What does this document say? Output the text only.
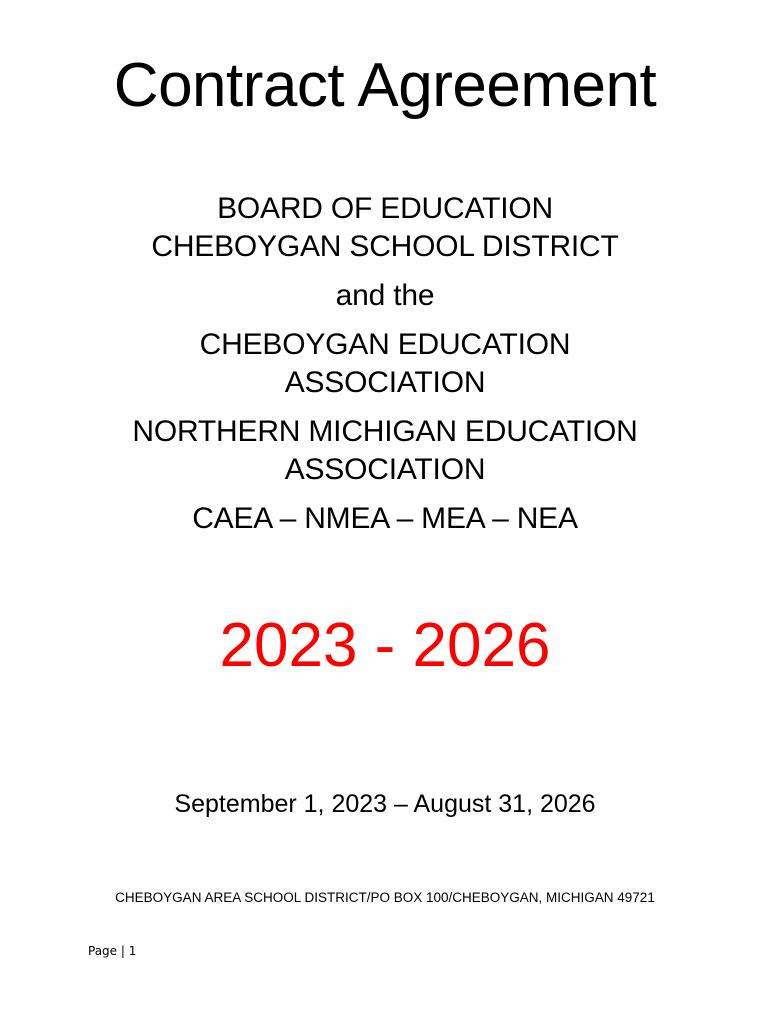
Contract Agreement
BOARD OF EDUCATION
CHEBOYGAN SCHOOL DISTRICT
and the
CHEBOYGAN EDUCATION
ASSOCIATION
NORTHERN MICHIGAN EDUCATION
ASSOCIATION
CAEA – NMEA – MEA – NEA
2023 - 2026
September 1, 2023 – August 31, 2026
CHEBOYGAN AREA SCHOOL DISTRICT/PO BOX 100/CHEBOYGAN, MICHIGAN 49721
Page | 1
